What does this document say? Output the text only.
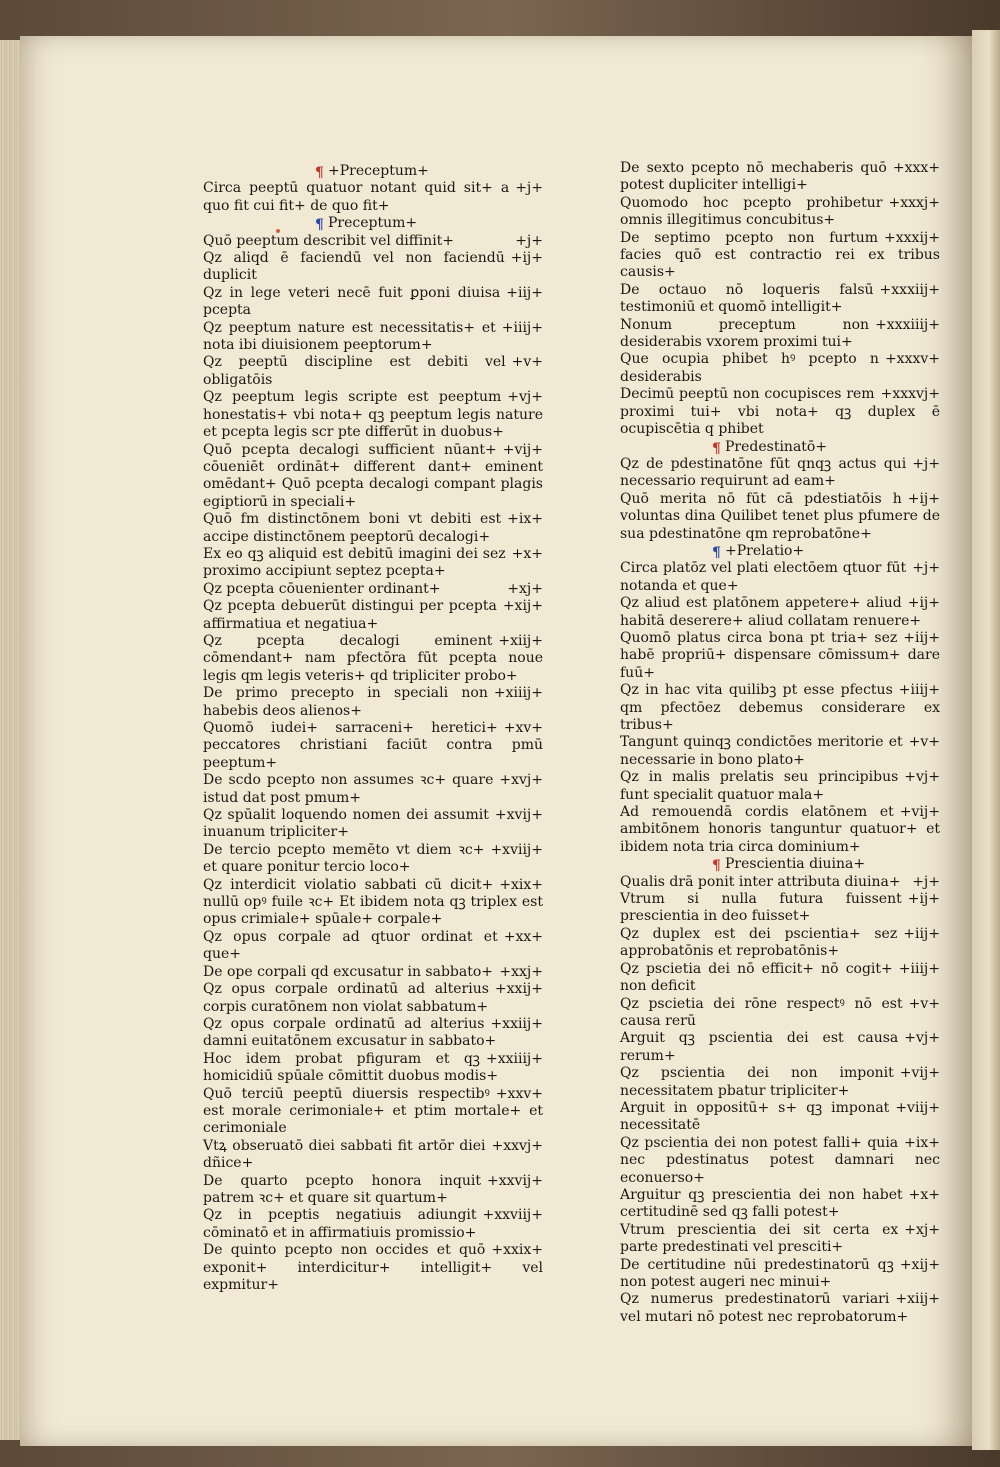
¶ +Preceptum+

+j+
Circa peeptū quatuor notant quid sit+ a quo fit cui fit+ de quo fit+

¶ Preceptum+

+j+
Quō peeptum describit vel diffinit+

+ij+
Qz aliqd ē faciendū vel non faciendū duplicit

+iij+
Qz in lege veteri necē fuit ꝑponi diuisa pcepta

+iiij+
Qz peeptum nature est necessitatis+ et nota ibi diuisionem peeptorum+

+v+
Qz peeptū discipline est debiti vel obligatōis

+vj+
Qz peeptum legis scripte est peeptum honestatis+ vbi nota+ qꝫ peeptum legis nature et pcepta legis scr pte differūt in duobus+

+vij+
Quō pcepta decalogi sufficient nūant+ cōueniēt ordināt+ different dant+ eminent omēdant+ Quō pcepta decalogi compant plagis egiptiorū in speciali+

+ix+
Quō fm distinctōnem boni vt debiti est accipe distinctōnem peeptorū decalogi+

+x+
Ex eo qꝫ aliquid est debitū imagini dei sez proximo accipiunt septez pcepta+

+xj+
Qz pcepta cōuenienter ordinant+

+xij+
Qz pcepta debuerūt distingui per pcepta affirmatiua et negatiua+

+xiij+
Qz pcepta decalogi eminent cōmendant+ nam pfectōra fūt pcepta noue legis qm legis veteris+ qd tripliciter probo+

+xiiij+
De primo precepto in speciali non habebis deos alienos+

+xv+
Quomō iudei+ sarraceni+ heretici+ peccatores christiani faciūt contra pmū peeptum+

+xvj+
De scdo pcepto non assumes ꝛc+ quare istud dat post pmum+

+xvij+
Qz spūalit loquendo nomen dei assumit inuanum tripliciter+

+xviij+
De tercio pcepto memēto vt diem ꝛc+ et quare ponitur tercio loco+

+xix+
Qz interdicit violatio sabbati cū dicit+ nullū opꝰ fuile ꝛc+ Et ibidem nota qꝫ triplex est opus crimiale+ spūale+ corpale+

+xx+
Qz opus corpale ad qtuor ordinat et que+

+xxj+
De ope corpali qd excusatur in sabbato+

+xxij+
Qz opus corpale ordinatū ad alterius corpis curatōnem non violat sabbatum+

+xxiij+
Qz opus corpale ordinatū ad alterius damni euitatōnem excusatur in sabbato+

+xxiiij+
Hoc idem probat pfiguram et qꝫ homicidiū spūale cōmittit duobus modis+

+xxv+
Quō terciū peeptū diuersis respectibꝰ est morale cerimoniale+ et ptim mortale+ et cerimoniale

+xxvj+
Vtꝝ obseruatō diei sabbati fit artōr diei dñice+

+xxvij+
De quarto pcepto honora inquit patrem ꝛc+ et quare sit quartum+

+xxviij+
Qz in pceptis negatiuis adiungit cōminatō et in affirmatiuis promissio+

+xxix+
De quinto pcepto non occides et quō exponit+ interdicitur+ intelligit+ vel expmitur+

+xxx+
De sexto pcepto nō mechaberis quō potest dupliciter intelligi+

+xxxj+
Quomodo hoc pcepto prohibetur omnis illegitimus concubitus+

+xxxij+
De septimo pcepto non furtum facies quō est contractio rei ex tribus causis+

+xxxiij+
De octauo nō loqueris falsū testimoniū et quomō intelligit+

+xxxiiij+
Nonum preceptum non desiderabis vxorem proximi tui+

+xxxv+
Que ocupia phibet hꝰ pcepto n desiderabis

+xxxvj+
Decimū peeptū non cocupisces rem proximi tui+ vbi nota+ qꝫ duplex ē ocupiscētia q phibet

¶ Predestinatō+

+j+
Qz de pdestinatōne fūt qnqꝫ actus qui necessario requirunt ad eam+

+ij+
Quō merita nō fūt cā pdestiatōis h voluntas dina Quilibet tenet plus pfumere de sua pdestinatōne qm reprobatōne+

¶ +Prelatio+

+j+
Circa platōz vel plati electōem qtuor fūt notanda et que+

+ij+
Qz aliud est platōnem appetere+ aliud habitā deserere+ aliud collatam renuere+

+iij+
Quomō platus circa bona pt tria+ sez habē propriū+ dispensare cōmissum+ dare fuū+

+iiij+
Qz in hac vita quilibꝫ pt esse pfectus qm pfectōez debemus considerare ex tribus+

+v+
Tangunt quinqꝫ condictōes meritorie et necessarie in bono plato+

+vj+
Qz in malis prelatis seu principibus funt specialit quatuor mala+

+vij+
Ad remouendā cordis elatōnem et ambitōnem honoris tanguntur quatuor+ et ibidem nota tria circa dominium+

¶ Prescientia diuina+

+j+
Qualis drā ponit inter attributa diuina+

+ij+
Vtrum si nulla futura fuissent prescientia in deo fuisset+

+iij+
Qz duplex est dei pscientia+ sez approbatōnis et reprobatōnis+

+iiij+
Qz pscietia dei nō efficit+ nō cogit+ non deficit

+v+
Qz pscietia dei rōne respectꝰ nō est causa rerū

+vj+
Arguit qꝫ pscientia dei est causa rerum+

+vij+
Qz pscientia dei non imponit necessitatem pbatur tripliciter+

+viij+
Arguit in oppositū+ s+ qꝫ imponat necessitatē

+ix+
Qz pscientia dei non potest falli+ quia nec pdestinatus potest damnari nec econuerso+

+x+
Arguitur qꝫ prescientia dei non habet certitudinē sed qꝫ falli potest+

+xj+
Vtrum prescientia dei sit certa ex parte predestinati vel presciti+

+xij+
De certitudine nūi predestinatorū qꝫ non potest augeri nec minui+

+xiij+
Qz numerus predestinatorū variari vel mutari nō potest nec reprobatorum+
